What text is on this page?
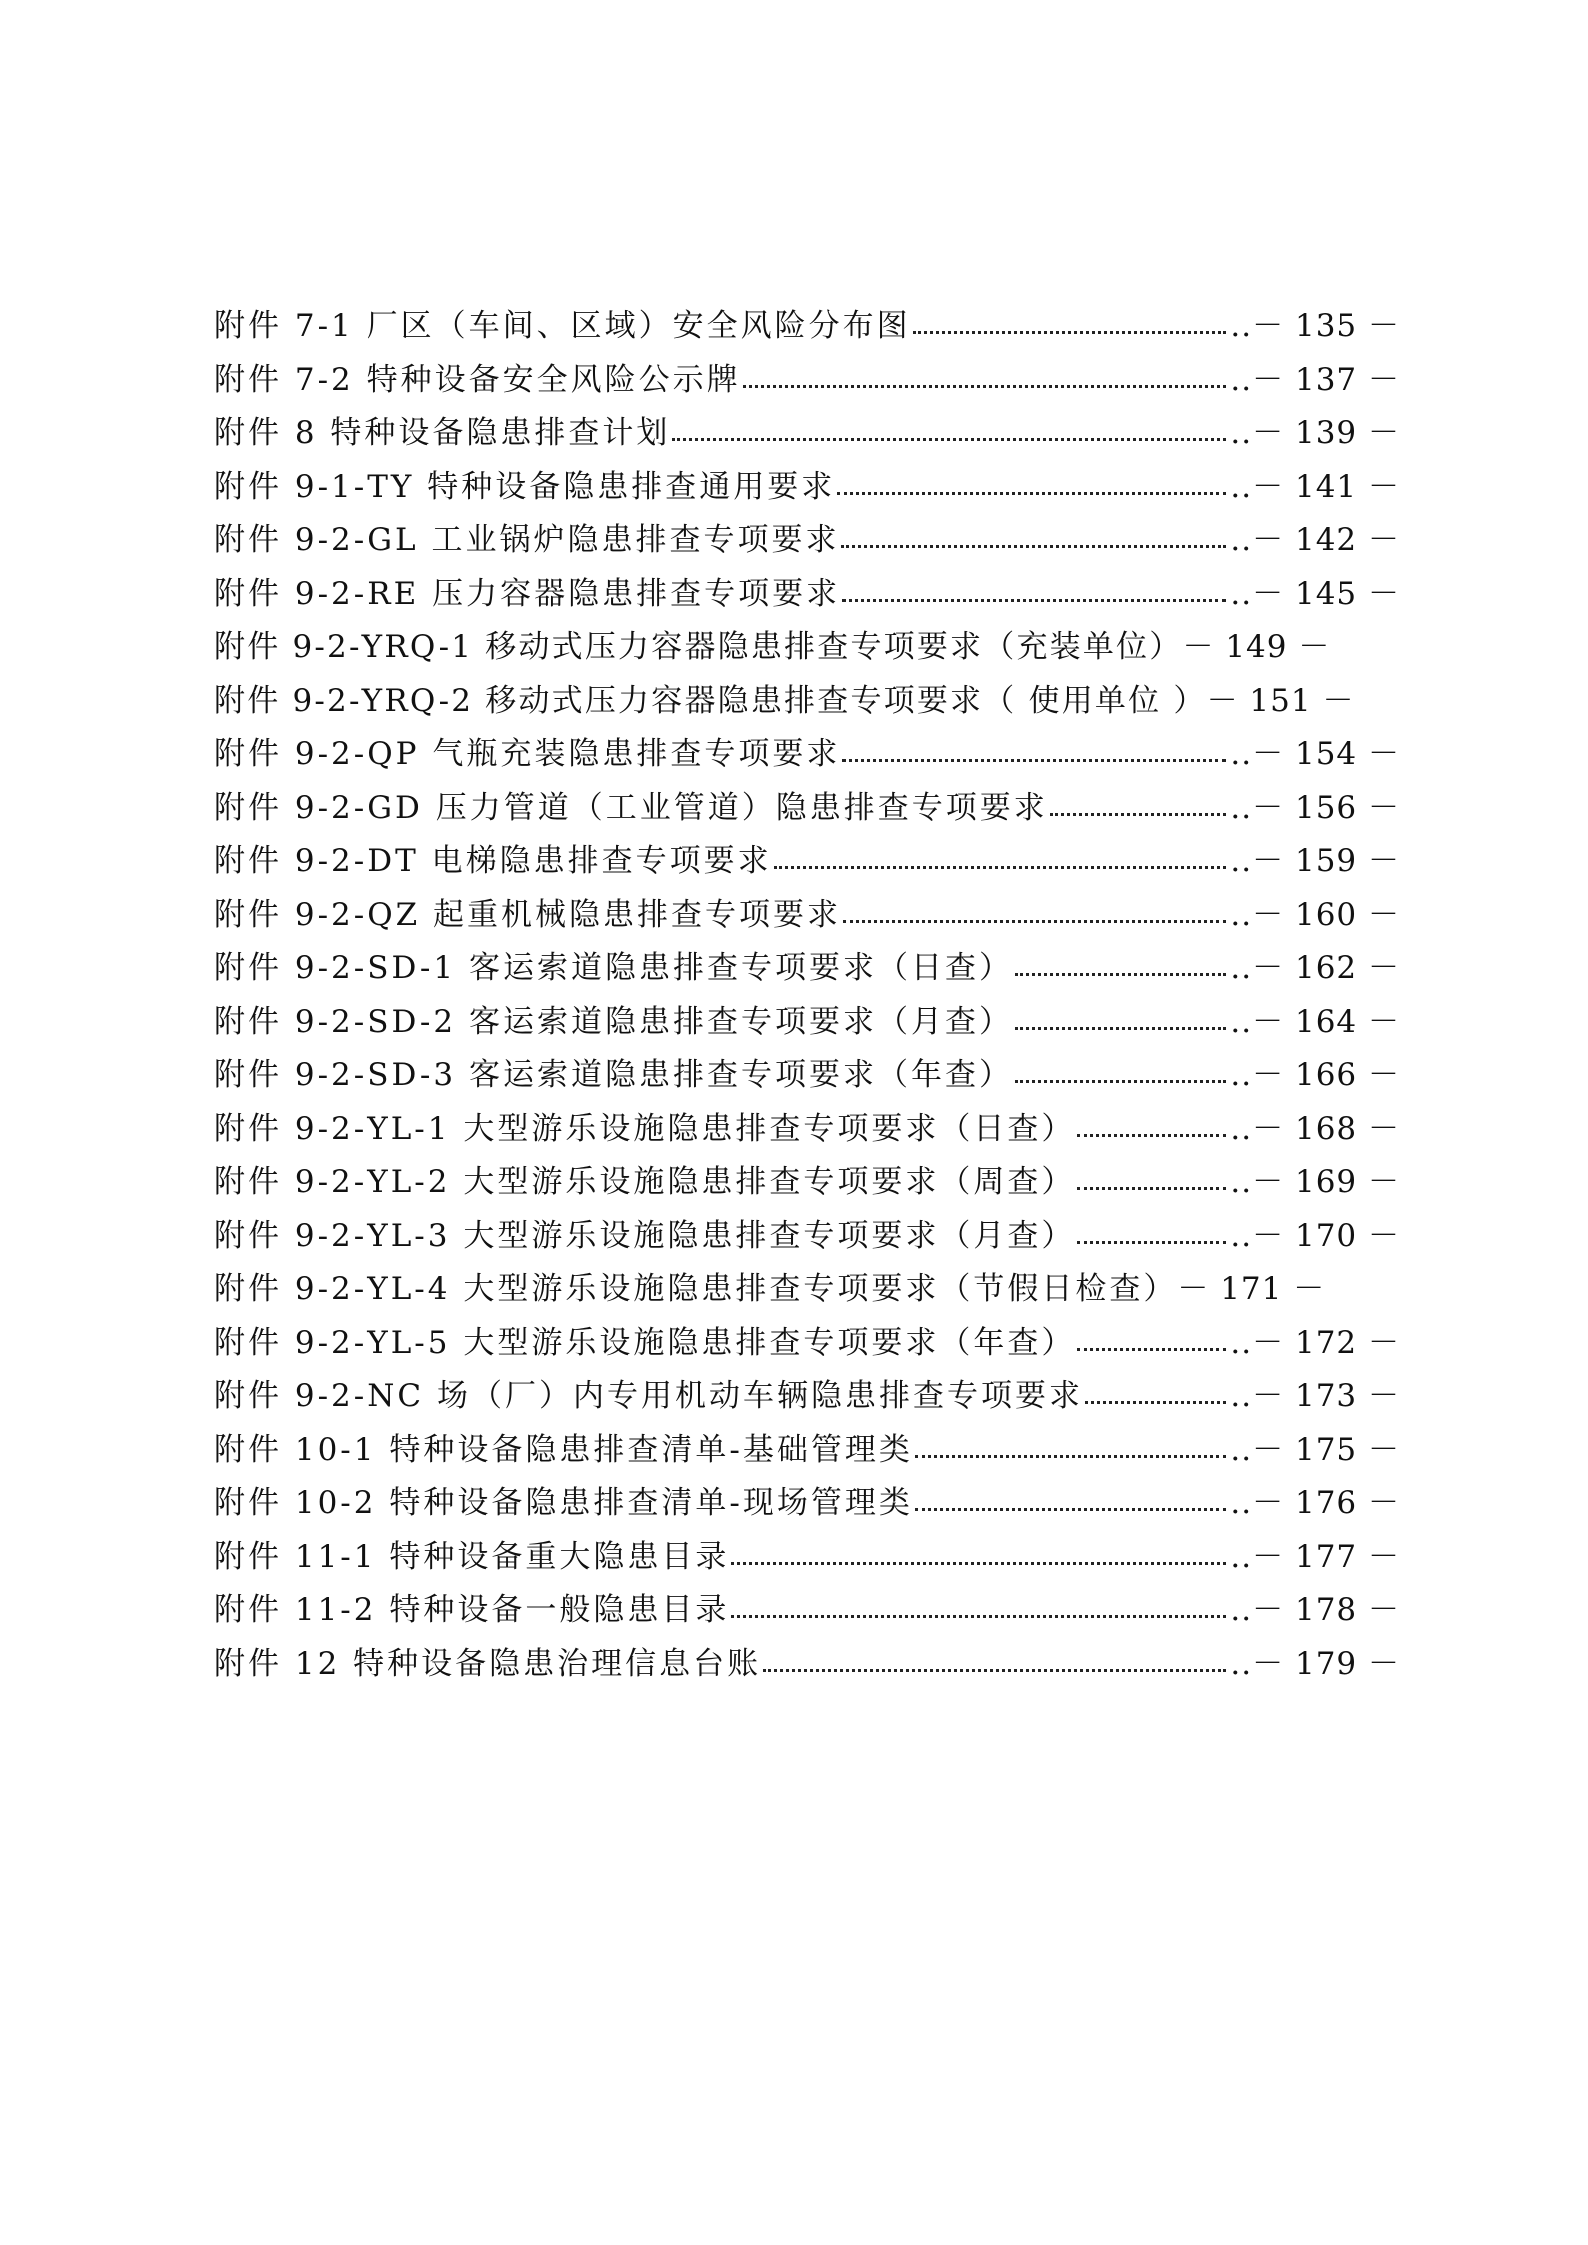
附件 7-1 厂区（车间、区域）安全风险分布图	..－ 135 －
附件 7-2 特种设备安全风险公示牌	..－ 137 －
附件 8 特种设备隐患排查计划	..－ 139 －
附件 9-1-TY 特种设备隐患排查通用要求	..－ 141 －
附件 9-2-GL 工业锅炉隐患排查专项要求	..－ 142 －
附件 9-2-RE 压力容器隐患排查专项要求	..－ 145 －
附件 9-2-YRQ-1 移动式压力容器隐患排查专项要求（充装单位） － 149 －
附件 9-2-YRQ-2 移动式压力容器隐患排查专项要求（ 使用单位 ） － 151 －
附件 9-2-QP 气瓶充装隐患排查专项要求	..－ 154 －
附件 9-2-GD 压力管道（工业管道）隐患排查专项要求	..－ 156 －
附件 9-2-DT 电梯隐患排查专项要求	..－ 159 －
附件 9-2-QZ 起重机械隐患排查专项要求	..－ 160 －
附件 9-2-SD-1 客运索道隐患排查专项要求（日查）	..－ 162 －
附件 9-2-SD-2 客运索道隐患排查专项要求（月查）	..－ 164 －
附件 9-2-SD-3 客运索道隐患排查专项要求（年查）	..－ 166 －
附件 9-2-YL-1 大型游乐设施隐患排查专项要求（日查）	..－ 168 －
附件 9-2-YL-2 大型游乐设施隐患排查专项要求（周查）	..－ 169 －
附件 9-2-YL-3 大型游乐设施隐患排查专项要求（月查）	..－ 170 －
附件 9-2-YL-4 大型游乐设施隐患排查专项要求（节假日检查） － 171 －
附件 9-2-YL-5 大型游乐设施隐患排查专项要求（年查）	..－ 172 －
附件 9-2-NC 场（厂）内专用机动车辆隐患排查专项要求	..－ 173 －
附件 10-1 特种设备隐患排查清单-基础管理类	..－ 175 －
附件 10-2 特种设备隐患排查清单-现场管理类	..－ 176 －
附件 11-1 特种设备重大隐患目录	..－ 177 －
附件 11-2 特种设备一般隐患目录	..－ 178 －
附件 12 特种设备隐患治理信息台账	..－ 179 －
